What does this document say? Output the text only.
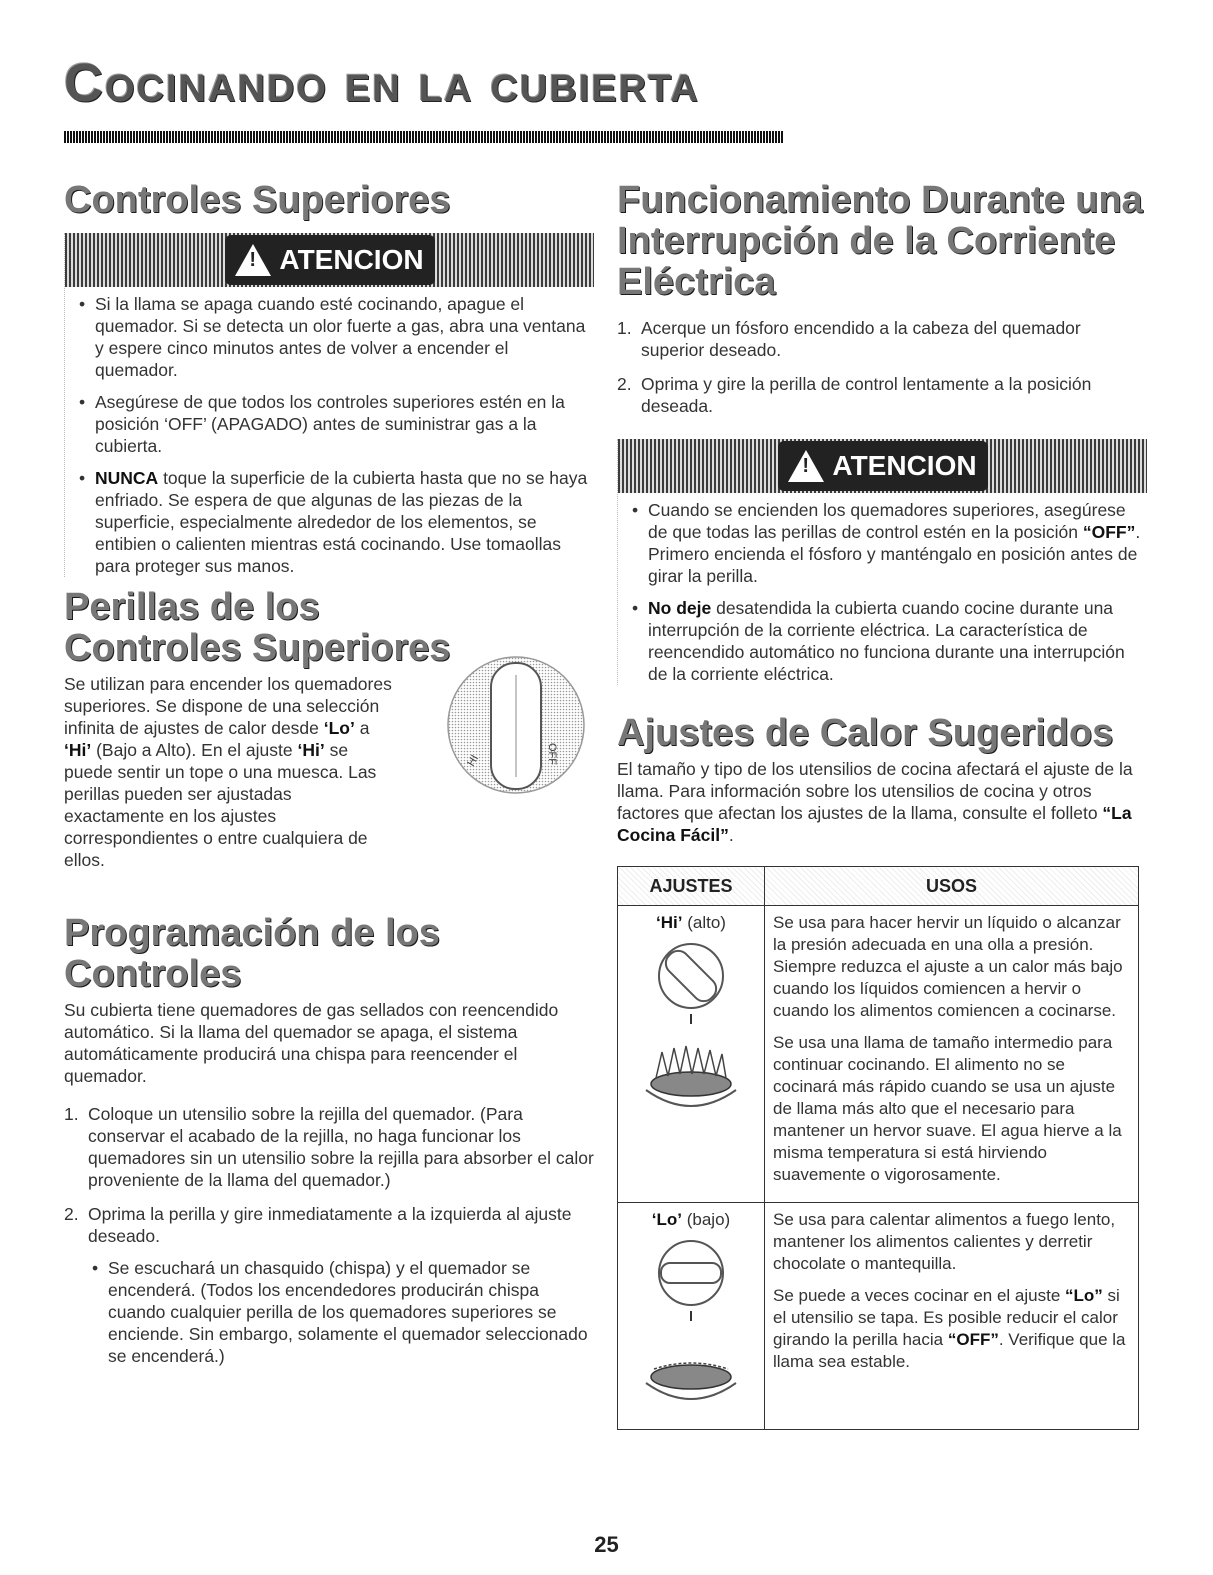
Cocinando en la cubierta
Controles Superiores
! ATENCION
• Si la llama se apaga cuando esté cocinando, apague el quemador. Si se detecta un olor fuerte a gas, abra una ventana y espere cinco minutos antes de volver a encender el quemador.
• Asegúrese de que todos los controles superiores estén en la posición ‘OFF’ (APAGADO) antes de suministrar gas a la cubierta.
• NUNCA toque la superficie de la cubierta hasta que no se haya enfriado. Se espera de que algunas de las piezas de la superficie, especialmente alrededor de los elementos, se entibien o calienten mientras está cocinando. Use tomaollas para proteger sus manos.
Perillas de los Controles Superiores

Se utilizan para encender los quemadores superiores. Se dispone de una selección infinita de ajustes de calor desde ‘Lo’ a ‘Hi’ (Bajo a Alto). En el ajuste ‘Hi’ se puede sentir un tope o una muesca. Las perillas pueden ser ajustadas exactamente en los ajustes correspondientes o entre cualquiera de ellos.

Programación de los Controles

Su cubierta tiene quemadores de gas sellados con reencendido automático. Si la llama del quemador se apaga, el sistema automáticamente producirá una chispa para reencender el quemador.

1. Coloque un utensilio sobre la rejilla del quemador. (Para conservar el acabado de la rejilla, no haga funcionar los quemadores sin un utensilio sobre la rejilla para absorber el calor proveniente de la llama del quemador.)
2. Oprima la perilla y gire inmediatamente a la izquierda al ajuste deseado.
• Se escuchará un chasquido (chispa) y el quemador se encenderá. (Todos los encendedores producirán chispa cuando cualquier perilla de los quemadores superiores se enciende. Sin embargo, solamente el quemador seleccionado se encenderá.)
HI	OFF
Funcionamiento Durante una Interrupción de la Corriente Eléctrica
1. Acerque un fósforo encendido a la cabeza del quemador superior deseado.
2. Oprima y gire la perilla de control lentamente a la posición deseada.
! ATENCION
• Cuando se encienden los quemadores superiores, asegúrese de que todas las perillas de control estén en la posición “OFF”. Primero encienda el fósforo y manténgalo en posición antes de girar la perilla.
• No deje desatendida la cubierta cuando cocine durante una interrupción de la corriente eléctrica. La característica de reencendido automático no funciona durante una interrupción de la corriente eléctrica.
Ajustes de Calor Sugeridos

El tamaño y tipo de los utensilios de cocina afectará el ajuste de la llama. Para información sobre los utensilios de cocina y otros factores que afectan los ajustes de la llama, consulte el folleto “La Cocina Fácil”.

AJUSTES	USOS

‘Hi’ (alto)	Se usa para hacer hervir un líquido o alcanzar la presión adecuada en una olla a presión. Siempre reduzca el ajuste a un calor más bajo cuando los líquidos comiencen a hervir o cuando los alimentos comiencen a cocinarse.
Se usa una llama de tamaño intermedio para continuar cocinando. El alimento no se cocinará más rápido cuando se usa un ajuste de llama más alto que el necesario para mantener un hervor suave. El agua hierve a la misma temperatura si está hirviendo suavemente o vigorosamente.

‘Lo’ (bajo)	Se usa para calentar alimentos a fuego lento, mantener los alimentos calientes y derretir chocolate o mantequilla.
Se puede a veces cocinar en el ajuste “Lo” si el utensilio se tapa. Es posible reducir el calor girando la perilla hacia “OFF”. Verifique que la llama sea estable.
25
